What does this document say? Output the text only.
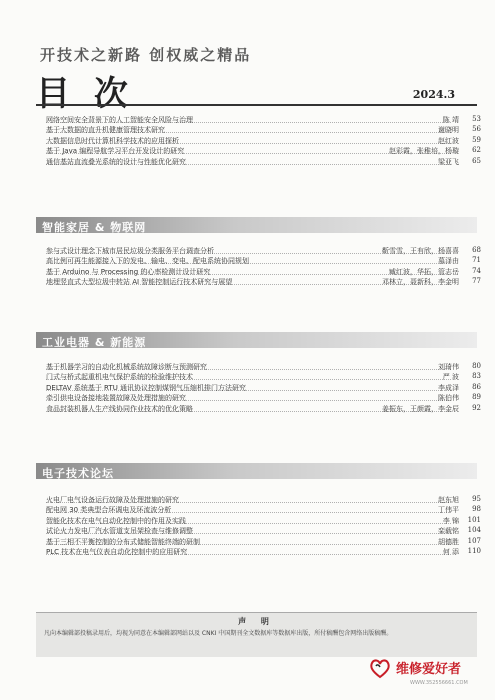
开技术之新路 创权威之精品
目 次	2024.3
网络空间安全背景下的人工智能安全风险与治理	陈 靖 53
基于大数据的直升机健康管理技术研究	谢晓明 56
大数据信息时代计算机科学技术的应用探析	赵红波 59
基于 Java 编程导航学习平台开发设计的研究	赵彩霞，张稚培，杨璇 62
通信基站直流叠光系统的设计与性能优化研究	梁亚飞 65
智能家居 & 物联网
参与式设计理念下城市居民垃圾分类服务平台调查分析	靳雪雪，王有欣，杨喜喜 68
高比例可再生能源接入下的发电、输电、变电、配电系统协同规划	慕泽由 71
基于 Arduino 与 Processing 的心率检测计设计研究	臧红波，华拓，管志岳 74
地埋竖直式大型垃圾中转站 AI 智能控制运行技术研究与展望	邓林立，聂新科，李金明 77
工业电器 & 新能源
基于机器学习的自动化机械系统故障诊断与预测研究	刘琦伟 80
门式与桥式起重机电气保护系统的检验维护技术	严 波 83
DELTAV 系统基于 RTU 通讯协议控制煤钢气压缩机排门方法研究	李成泽 86
牵引供电设备接地装置故障及处理措施的研究	陈伯伟 89
食品封装机器人生产线协同作业技术的优化策略	姜振东，王颜霞，李金辰 92
电子技术论坛
火电厂电气设备运行故障及处理措施的研究	赵东旭 95
配电网 30 类典型合环调电及环流波分析	丁伟平 98
智能化技术在电气自动化控制中的作用及实践	李 锦 101
试论火力发电厂汽水管道支吊架检查与维修调整	栾载铭 104
基于三相不平衡控制的分布式储能智能终端的研制	胡德胜 107
PLC 技术在电气仪表自动化控制中的应用研究	何 添 110
声 明
凡向本编辑部投稿录用后，均视为同意在本编辑部网站以及 CNKI 中国期刊全文数据库等数据库出版，所付稿酬包含网络出版稿酬。
维修爱好者
WWW.352556661.COM
